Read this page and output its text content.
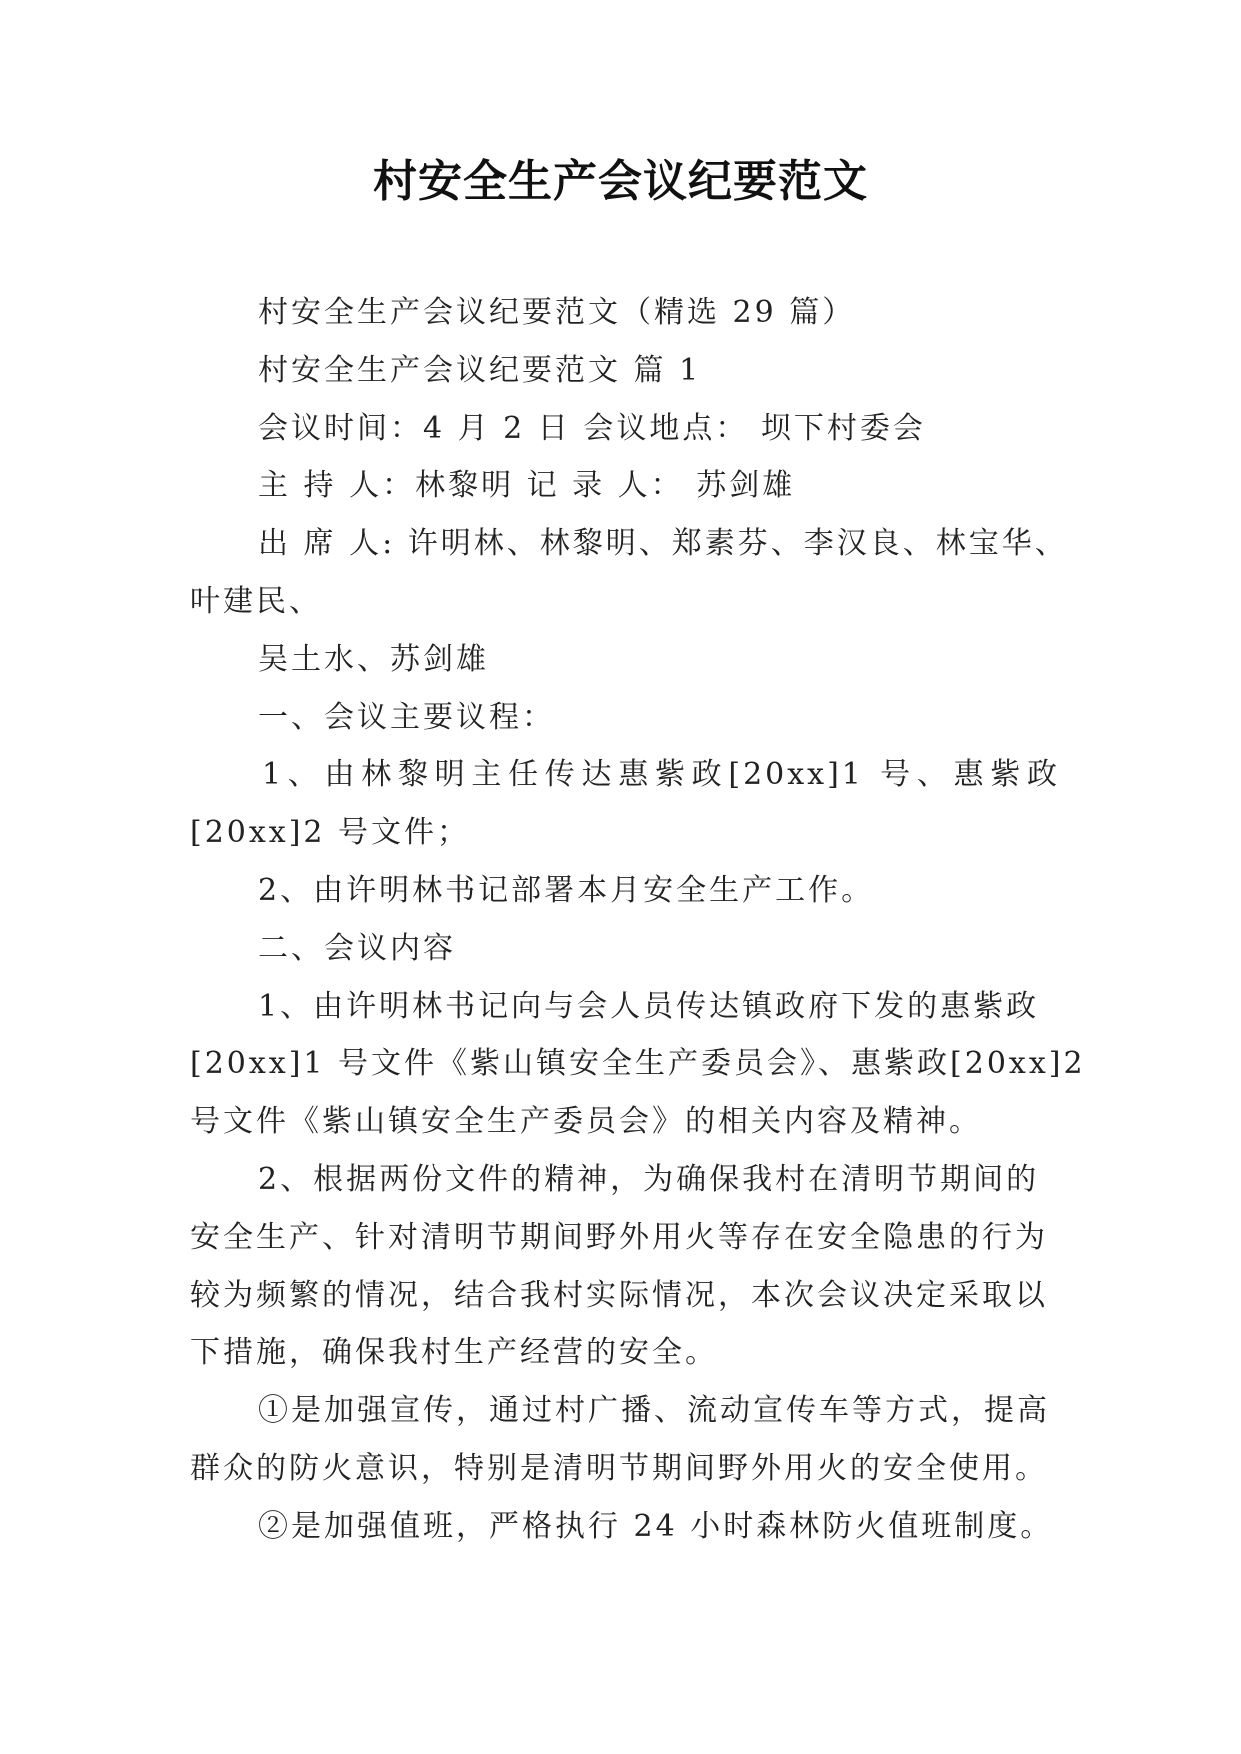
村安全生产会议纪要范文
村安全生产会议纪要范文（精选 29 篇）
村安全生产会议纪要范文 篇 1
会议时间：4 月 2 日 会议地点： 坝下村委会
主 持 人：林黎明 记 录 人： 苏剑雄
出 席 人: 许明林、林黎明、郑素芬、李汉良、林宝华、
叶建民、
吴土水、苏剑雄
一、会议主要议程：
1、由林黎明主任传达惠紫政[20xx]1 号、惠紫政
[20xx]2 号文件；
2、由许明林书记部署本月安全生产工作。
二、会议内容
1、由许明林书记向与会人员传达镇政府下发的惠紫政
[20xx]1 号文件《紫山镇安全生产委员会》、惠紫政[20xx]2
号文件《紫山镇安全生产委员会》的相关内容及精神。
2、根据两份文件的精神，为确保我村在清明节期间的
安全生产、针对清明节期间野外用火等存在安全隐患的行为
较为频繁的情况，结合我村实际情况，本次会议决定采取以
下措施，确保我村生产经营的安全。
①是加强宣传，通过村广播、流动宣传车等方式，提高
群众的防火意识，特别是清明节期间野外用火的安全使用。
②是加强值班，严格执行 24 小时森林防火值班制度。
